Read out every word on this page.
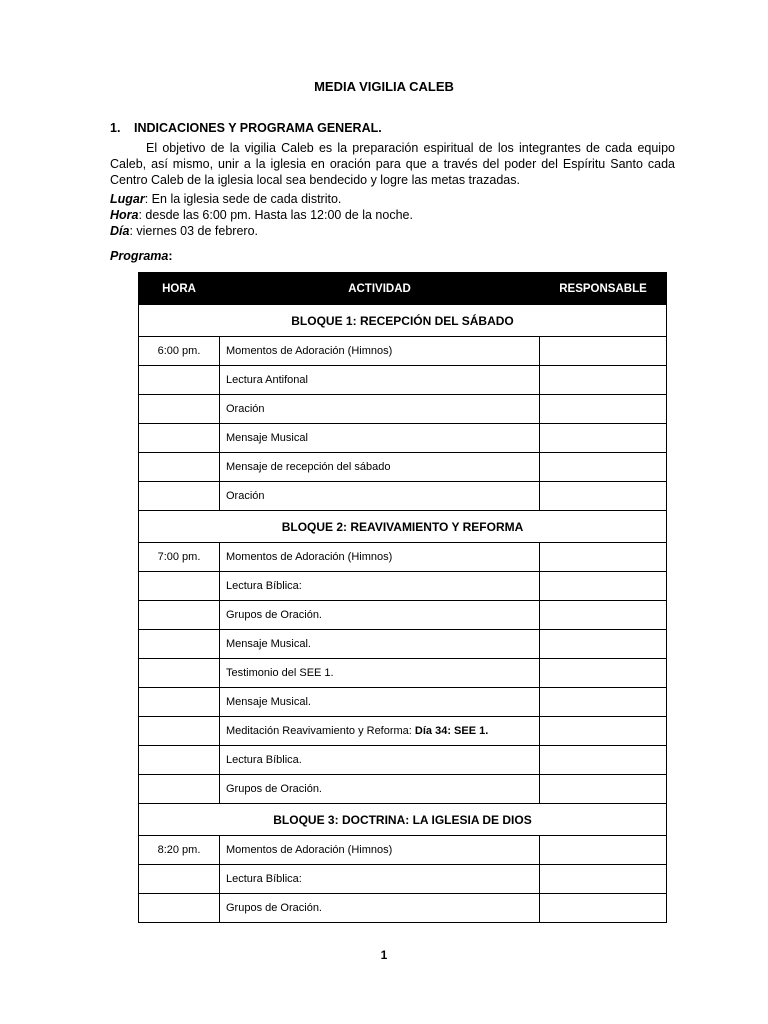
MEDIA VIGILIA CALEB
1. INDICACIONES Y PROGRAMA GENERAL.

El objetivo de la vigilia Caleb es la preparación espiritual de los integrantes de cada equipo Caleb, así mismo, unir a la iglesia en oración para que a través del poder del Espíritu Santo cada Centro Caleb de la iglesia local sea bendecido y logre las metas trazadas.

Lugar: En la iglesia sede de cada distrito.
Hora: desde las 6:00 pm. Hasta las 12:00 de la noche.
Día: viernes 03 de febrero.
Programa:
HORA	ACTIVIDAD	RESPONSABLE
BLOQUE 1: RECEPCIÓN DEL SÁBADO		
6:00 pm.	Momentos de Adoración (Himnos)	
	Lectura Antifonal	
	Oración	
	Mensaje Musical	
	Mensaje de recepción del sábado	
	Oración	
BLOQUE 2: REAVIVAMIENTO Y REFORMA		
7:00 pm.	Momentos de Adoración (Himnos)	
	Lectura Bíblica:	
	Grupos de Oración.	
	Mensaje Musical.	
	Testimonio del SEE 1.	
	Mensaje Musical.	
	Meditación Reavivamiento y Reforma: Día 34: SEE 1.	
	Lectura Bíblica.	
	Grupos de Oración.	
BLOQUE 3: DOCTRINA: LA IGLESIA DE DIOS		
8:20 pm.	Momentos de Adoración (Himnos)	
	Lectura Bíblica:	
	Grupos de Oración.	
1
